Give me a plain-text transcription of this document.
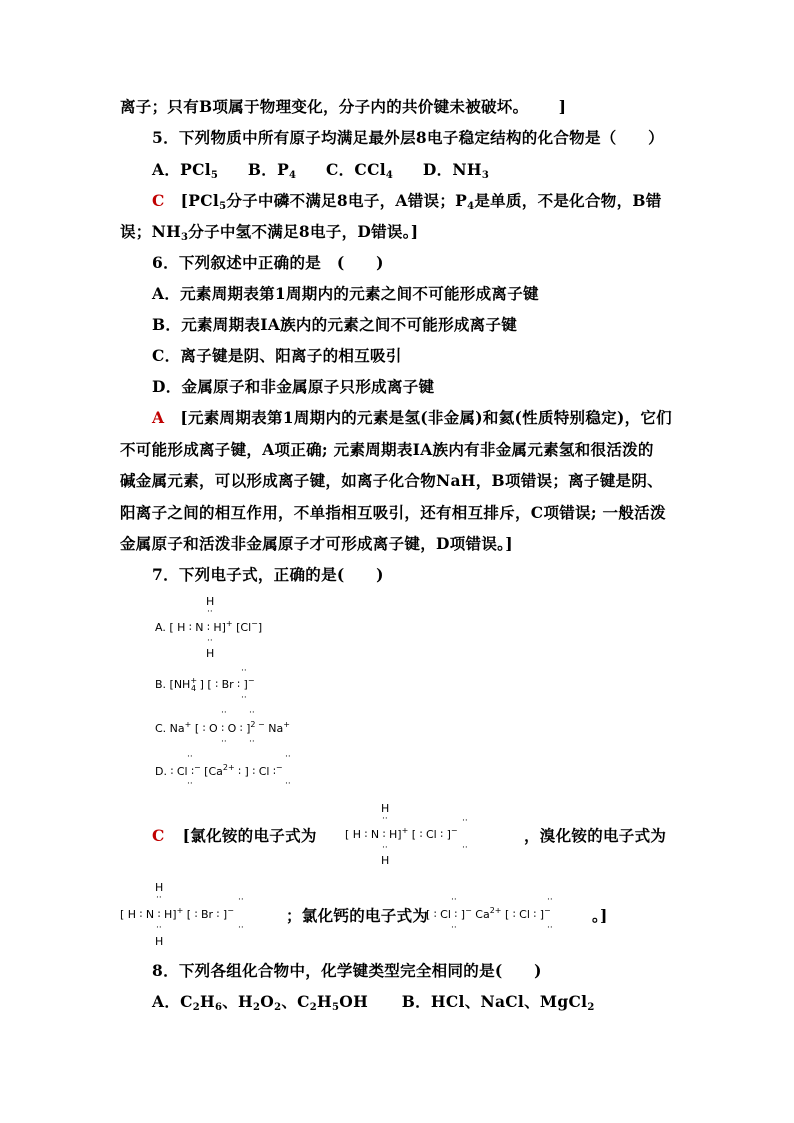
离子；只有B项属于物理变化，分子内的共价键未被破坏。 ]
5．下列物质中所有原子均满足最外层8电子稳定结构的化合物是（　　）
A．PCl$_5$ B．$P_4$ C．CCl$_4$ D．$NH_3$
C [PCl$_5$分子中磷不满足8电子，A错误；$P_4$是单质，不是化合物，B错
误；$NH_3$分子中氢不满足8电子，D错误。]
6．下列叙述中正确的是　(　　)
A．元素周期表第1周期内的元素之间不可能形成离子键
B．元素周期表ⅠA族内的元素之间不可能形成离子键
C．离子键是阴、阳离子的相互吸引
D．金属原子和非金属原子只形成离子键
A [元素周期表第1周期内的元素是氢(非金属)和氦(性质特别稳定)，它们
不可能形成离子键，A项正确; 元素周期表ⅠA族内有非金属元素氢和很活泼的
碱金属元素，可以形成离子键，如离子化合物NaH，B项错误；离子键是阴、
阳离子之间的相互作用，不单指相互吸引，还有相互排斥，C项错误; 一般活泼
金属原子和活泼非金属原子才可形成离子键，D项错误。]
7．下列电子式，正确的是(　　)
H
··
A. [ H ∶ N ∶ H]+ [Cl−]
··
H
··
B. [$NH^+_4$ ] [ ∶ Br ∶ ]−
··
·· ··
C. Na+ [ ∶ O ∶ O ∶ ]$^{2 -}$ Na+
·· ··
··	··
D. ∶ Cl ∶− [$Ca^{2+}$ ∶ ] ∶ Cl ∶−
··	··
C [氯化铵的电子式为
H
··	··
[ H ∶ N ∶ H]+ [ ∶ Cl ∶ ]−
··	··
H
，溴化铵的电子式为
H
··	··
[ H ∶ N ∶ H]+ [ ∶ Br ∶ ]−
··	··
H
；氯化钙的电子式为
··	··
[ ∶ Cl ∶ ]− $Ca^{2+}$ [ ∶ Cl ∶ ]−
··	··
。]
8．下列各组化合物中，化学键类型完全相同的是(　　)
A．$C_2H_6$、$H_2O_2$、$C_2H_5OH$ B．HCl、NaCl、MgCl$_2$
